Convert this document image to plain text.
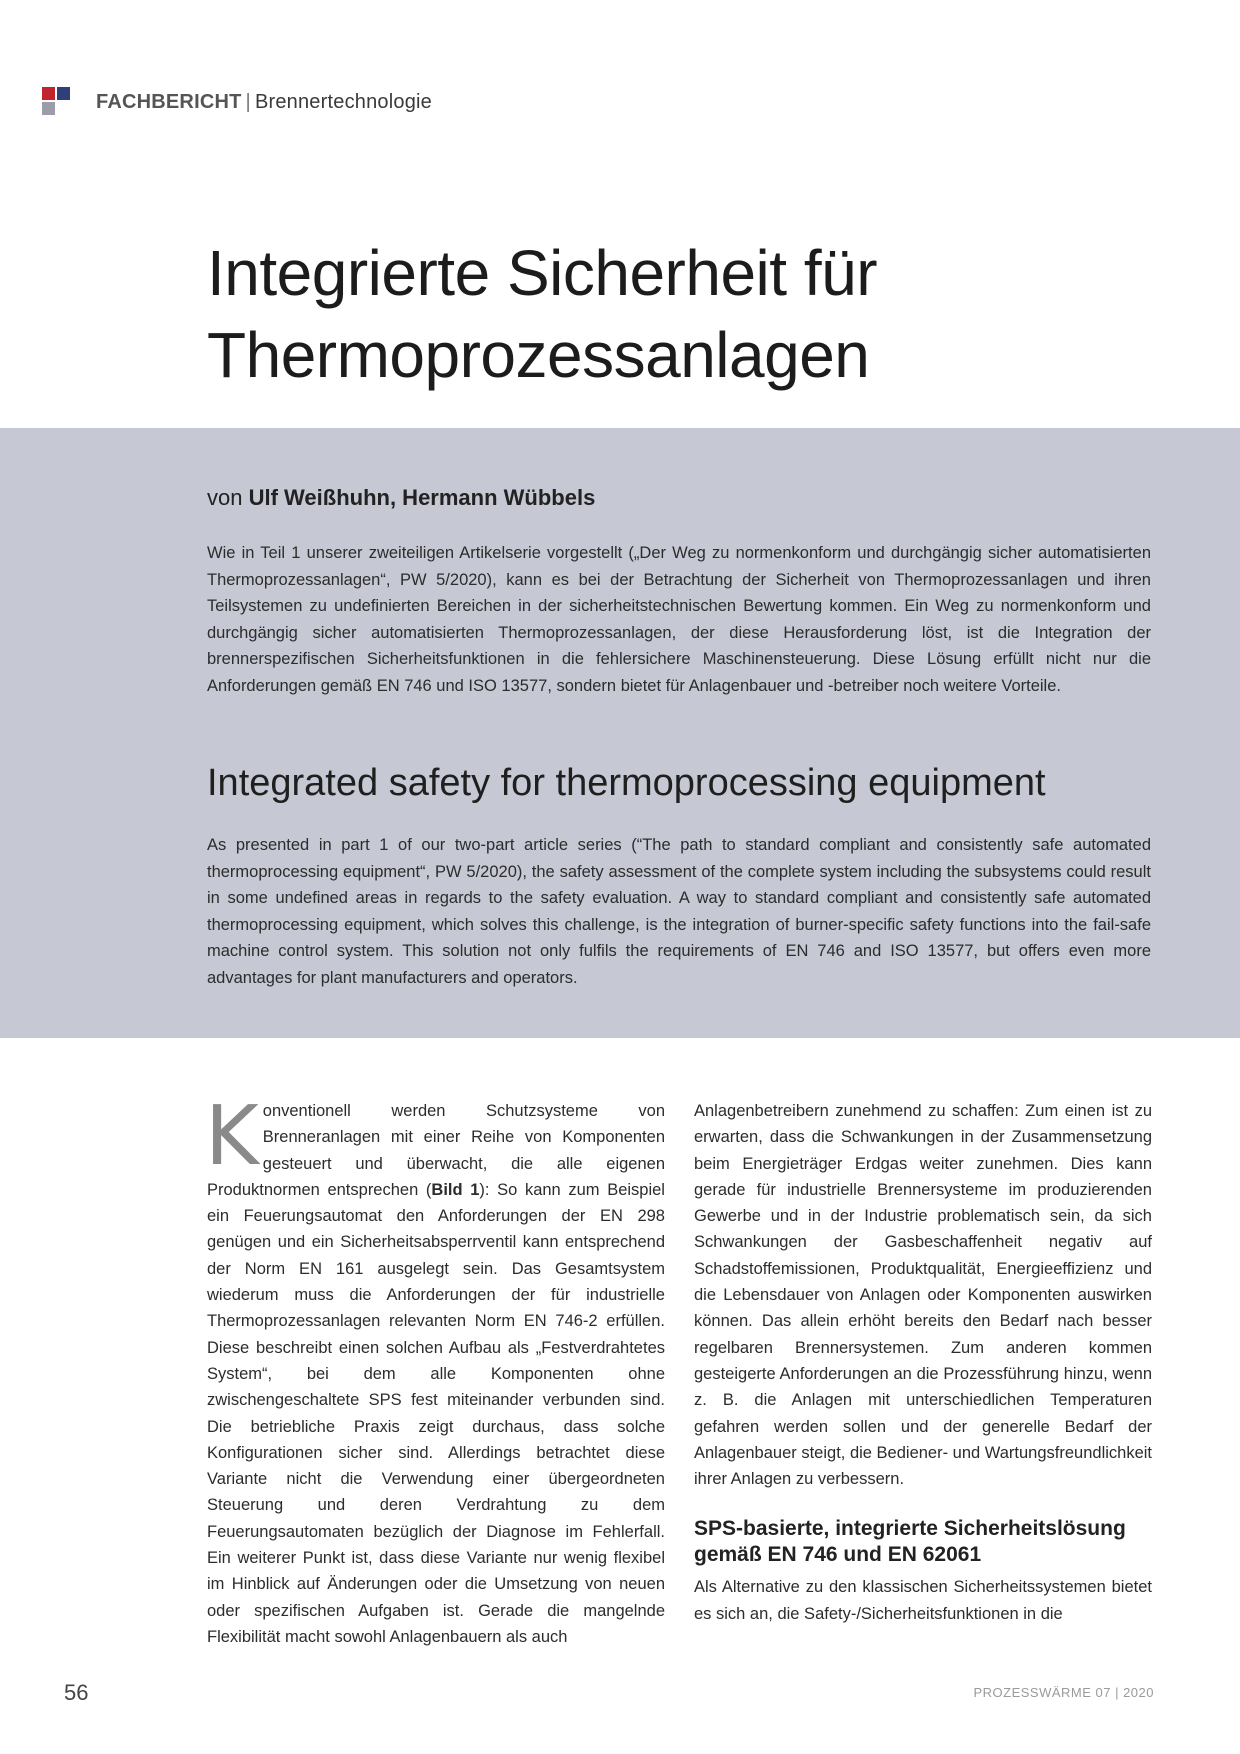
FACHBERICHT | Brennertechnologie
Integrierte Sicherheit für Thermoprozessanlagen
von Ulf Weißhuhn, Hermann Wübbels

Wie in Teil 1 unserer zweiteiligen Artikelserie vorgestellt („Der Weg zu normenkonform und durchgängig sicher automatisierten Thermoprozessanlagen“, PW 5/2020), kann es bei der Betrachtung der Sicherheit von Thermoprozessanlagen und ihren Teilsystemen zu undefinierten Bereichen in der sicherheitstechnischen Bewertung kommen. Ein Weg zu normenkonform und durchgängig sicher automatisierten Thermoprozessanlagen, der diese Herausforderung löst, ist die Integration der brennerspezifischen Sicherheitsfunktionen in die fehlersichere Maschinensteuerung. Diese Lösung erfüllt nicht nur die Anforderungen gemäß EN 746 und ISO 13577, sondern bietet für Anlagenbauer und -betreiber noch weitere Vorteile.

Integrated safety for thermoprocessing equipment

As presented in part 1 of our two-part article series (“The path to standard compliant and consistently safe automated thermoprocessing equipment“, PW 5/2020), the safety assessment of the complete system including the subsystems could result in some undefined areas in regards to the safety evaluation. A way to standard compliant and consistently safe automated thermoprocessing equipment, which solves this challenge, is the integration of burner-specific safety functions into the fail-safe machine control system. This solution not only fulfils the requirements of EN 746 and ISO 13577, but offers even more advantages for plant manufacturers and operators.

Konventionell werden Schutzsysteme von Brenneranlagen mit einer Reihe von Komponenten gesteuert und überwacht, die alle eigenen Produktnormen entsprechen (Bild 1): So kann zum Beispiel ein Feuerungsautomat den Anforderungen der EN 298 genügen und ein Sicherheitsabsperrventil kann entsprechend der Norm EN 161 ausgelegt sein. Das Gesamtsystem wiederum muss die Anforderungen der für industrielle Thermoprozessanlagen relevanten Norm EN 746-2 erfüllen. Diese beschreibt einen solchen Aufbau als „Festverdrahtetes System“, bei dem alle Komponenten ohne zwischengeschaltete SPS fest miteinander verbunden sind. Die betriebliche Praxis zeigt durchaus, dass solche Konfigurationen sicher sind. Allerdings betrachtet diese Variante nicht die Verwendung einer übergeordneten Steuerung und deren Verdrahtung zu dem Feuerungsautomaten bezüglich der Diagnose im Fehlerfall. Ein weiterer Punkt ist, dass diese Variante nur wenig flexibel im Hinblick auf Änderungen oder die Umsetzung von neuen oder spezifischen Aufgaben ist. Gerade die mangelnde Flexibilität macht sowohl Anlagenbauern als auch

Anlagenbetreibern zunehmend zu schaffen: Zum einen ist zu erwarten, dass die Schwankungen in der Zusammensetzung beim Energieträger Erdgas weiter zunehmen. Dies kann gerade für industrielle Brennersysteme im produzierenden Gewerbe und in der Industrie problematisch sein, da sich Schwankungen der Gasbeschaffenheit negativ auf Schadstoffemissionen, Produktqualität, Energieeffizienz und die Lebensdauer von Anlagen oder Komponenten auswirken können. Das allein erhöht bereits den Bedarf nach besser regelbaren Brennersystemen. Zum anderen kommen gesteigerte Anforderungen an die Prozessführung hinzu, wenn z. B. die Anlagen mit unterschiedlichen Temperaturen gefahren werden sollen und der generelle Bedarf der Anlagenbauer steigt, die Bediener- und Wartungsfreundlichkeit ihrer Anlagen zu verbessern.

SPS-basierte, integrierte Sicherheitslösung gemäß EN 746 und EN 62061

Als Alternative zu den klassischen Sicherheitssystemen bietet es sich an, die Safety-/Sicherheitsfunktionen in die

56	PROZESSWÄRME 07 | 2020
